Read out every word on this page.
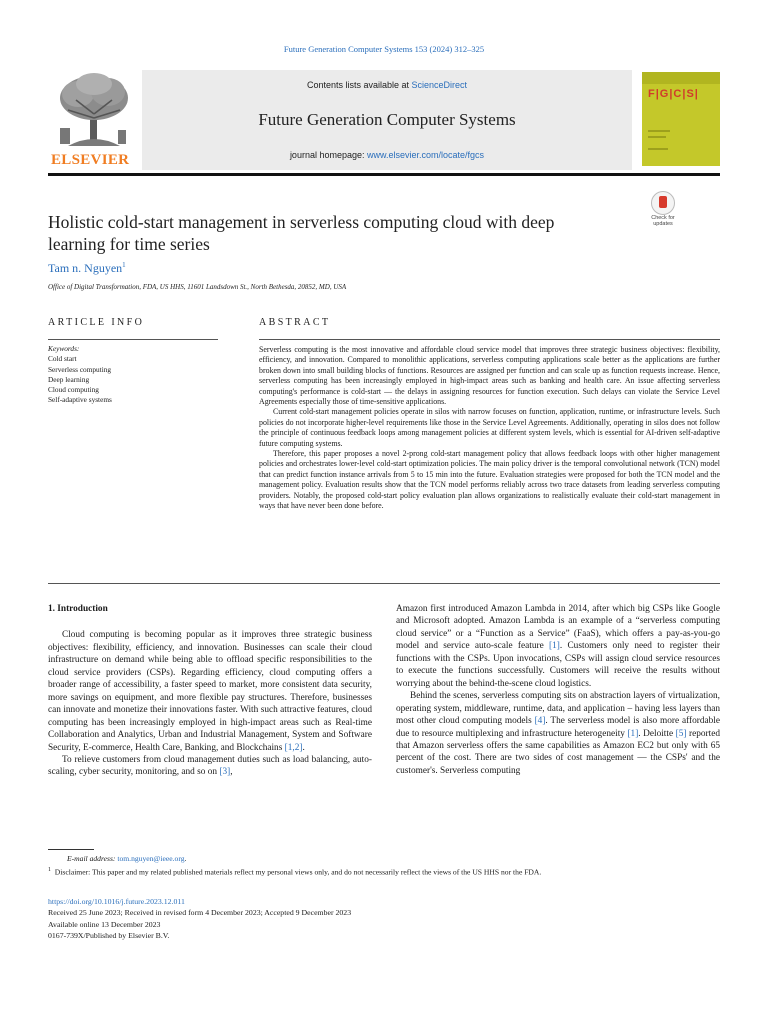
Future Generation Computer Systems 153 (2024) 312–325
ELSEVIER
Contents lists available at ScienceDirect
Future Generation Computer Systems
journal homepage: www.elsevier.com/locate/fgcs
F|G|C|S|
Holistic cold-start management in serverless computing cloud with deep learning for time series
Check for updates
Tam n. Nguyen$^1$
Office of Digital Transformation, FDA, US HHS, 11601 Landsdown St., North Bethesda, 20852, MD, USA
ARTICLE INFO	ABSTRACT
Keywords:
Cold start
Serverless computing
Deep learning
Cloud computing
Self-adaptive systems

Serverless computing is the most innovative and affordable cloud service model that improves three strategic business objectives: flexibility, efficiency, and innovation. Compared to monolithic applications, serverless computing applications scale better as the applications are further broken down into small building blocks of functions. Resources are assigned per function and can scale up as function requests increase. Hence, serverless computing has been increasingly employed in high-impact areas such as banking and health care. An issue affecting serverless computing's performance is cold-start — the delays in assigning resources for function execution. Such delays can violate the Service Level Agreements especially those of time-sensitive applications.

Current cold-start management policies operate in silos with narrow focuses on function, application, runtime, or infrastructure levels. Such policies do not incorporate higher-level requirements like those in the Service Level Agreements. Additionally, operating in silos does not follow the principle of continuous feedback loops among management policies at different system levels, which is essential for AI-driven self-adaptive future computing systems.

Therefore, this paper proposes a novel 2-prong cold-start management policy that allows feedback loops with other higher management policies and orchestrates lower-level cold-start optimization policies. The main policy driver is the temporal convolutional network (TCN) model that can predict function instance arrivals from 5 to 15 min into the future. Evaluation strategies were proposed for both the TCN model and the management policy. Evaluation results show that the TCN model performs reliably across two trace datasets from leading serverless computing providers. Notably, the proposed cold-start policy evaluation plan allows organizations to realistically evaluate their cold-start management in ways that have never been done before.

1. Introduction

Cloud computing is becoming popular as it improves three strategic business objectives: flexibility, efficiency, and innovation. Businesses can scale their cloud infrastructure on demand while being able to offload specific responsibilities to the cloud service providers (CSPs). Regarding efficiency, cloud computing offers a broader range of accessibility, a faster speed to market, more consistent data security, more savings on equipment, and more flexible pay structures. Therefore, businesses can innovate and monetize their innovations faster. With such attractive features, cloud computing has been increasingly employed in high-impact areas such as Real-time Collaboration and Analytics, Urban and Industrial Management, System and Software Security, E-commerce, Health Care, Banking, and Blockchains [1,2].

To relieve customers from cloud management duties such as load balancing, auto-scaling, cyber security, monitoring, and so on [3],

Amazon first introduced Amazon Lambda in 2014, after which big CSPs like Google and Microsoft adopted. Amazon Lambda is an example of a “serverless computing cloud service” or a “Function as a Service” (FaaS), which offers a pay-as-you-go model and service auto-scale feature [1]. Customers only need to register their functions with the CSPs. Upon invocations, CSPs will assign cloud service resources to execute the functions successfully. Customers will receive the results without worrying about the behind-the-scene cloud logistics.

Behind the scenes, serverless computing sits on abstraction layers of virtualization, operating system, middleware, runtime, data, and application – having less layers than most other cloud computing models [4]. The serverless model is also more affordable due to resource multiplexing and infrastructure heterogeneity [1]. Deloitte [5] reported that Amazon serverless offers the same capabilities as Amazon EC2 but only with 65 percent of the cost. There are two sides of cost management — the CSPs' and the customer's. Serverless computing

E-mail address: tom.nguyen@ieee.org.
$^1$ Disclaimer: This paper and my related published materials reflect my personal views only, and do not necessarily reflect the views of the US HHS nor the FDA.
https://doi.org/10.1016/j.future.2023.12.011
Received 25 June 2023; Received in revised form 4 December 2023; Accepted 9 December 2023
Available online 13 December 2023
0167-739X/Published by Elsevier B.V.
